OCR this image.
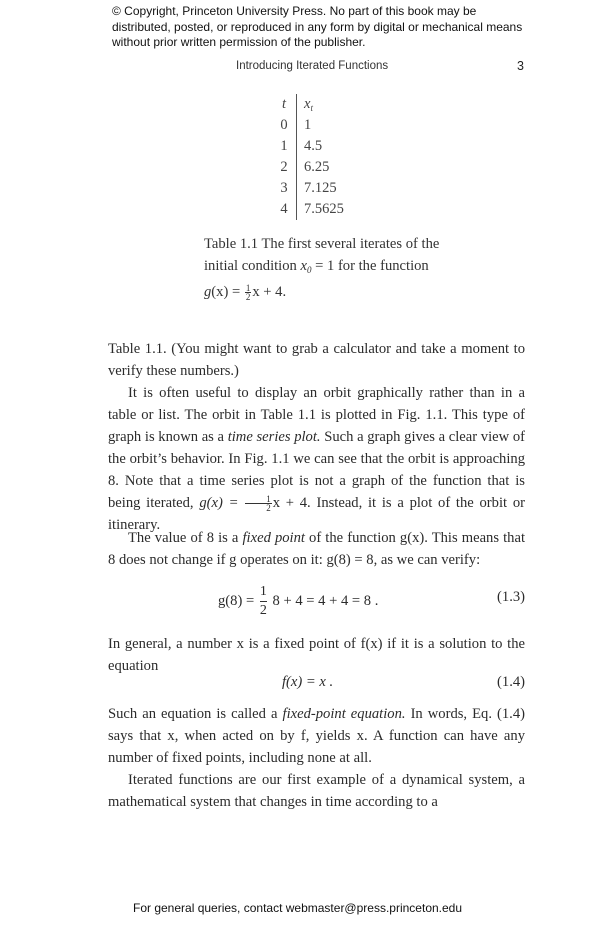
© Copyright, Princeton University Press. No part of this book may be distributed, posted, or reproduced in any form by digital or mechanical means without prior written permission of the publisher.
Introducing Iterated Functions	3
t	$x_t$
0	1
1	4.5
2	6.25
3	7.125
4	7.5625
Table 1.1 The first several iterates of the initial condition $x_0 = 1$ for the function $g(x) = \frac{1}{2}$ x + 4.

Table 1.1. (You might want to grab a calculator and take a moment to verify these numbers.)

It is often useful to display an orbit graphically rather than in a table or list. The orbit in Table 1.1 is plotted in Fig. 1.1. This type of graph is known as a time series plot. Such a graph gives a clear view of the orbit’s behavior. In Fig. 1.1 we can see that the orbit is approaching 8. Note that a time series plot is not a graph of the function that is being iterated, $g(x) = \frac{1}{2}$ x + 4. Instead, it is a plot of the orbit or itinerary.

The value of 8 is a fixed point of the function g(x). This means that 8 does not change if g operates on it: g(8) = 8, as we can verify:

$g(8) = \frac{1}{2} 8 + 4 = 4 + 4 = 8$ .	(1.3)

In general, a number x is a fixed point of f(x) if it is a solution to the equation

f(x) = x .	(1.4)

Such an equation is called a fixed-point equation. In words, Eq. (1.4) says that x, when acted on by f, yields x. A function can have any number of fixed points, including none at all.

Iterated functions are our first example of a dynamical system, a mathematical system that changes in time according to a

For general queries, contact webmaster@press.princeton.edu
